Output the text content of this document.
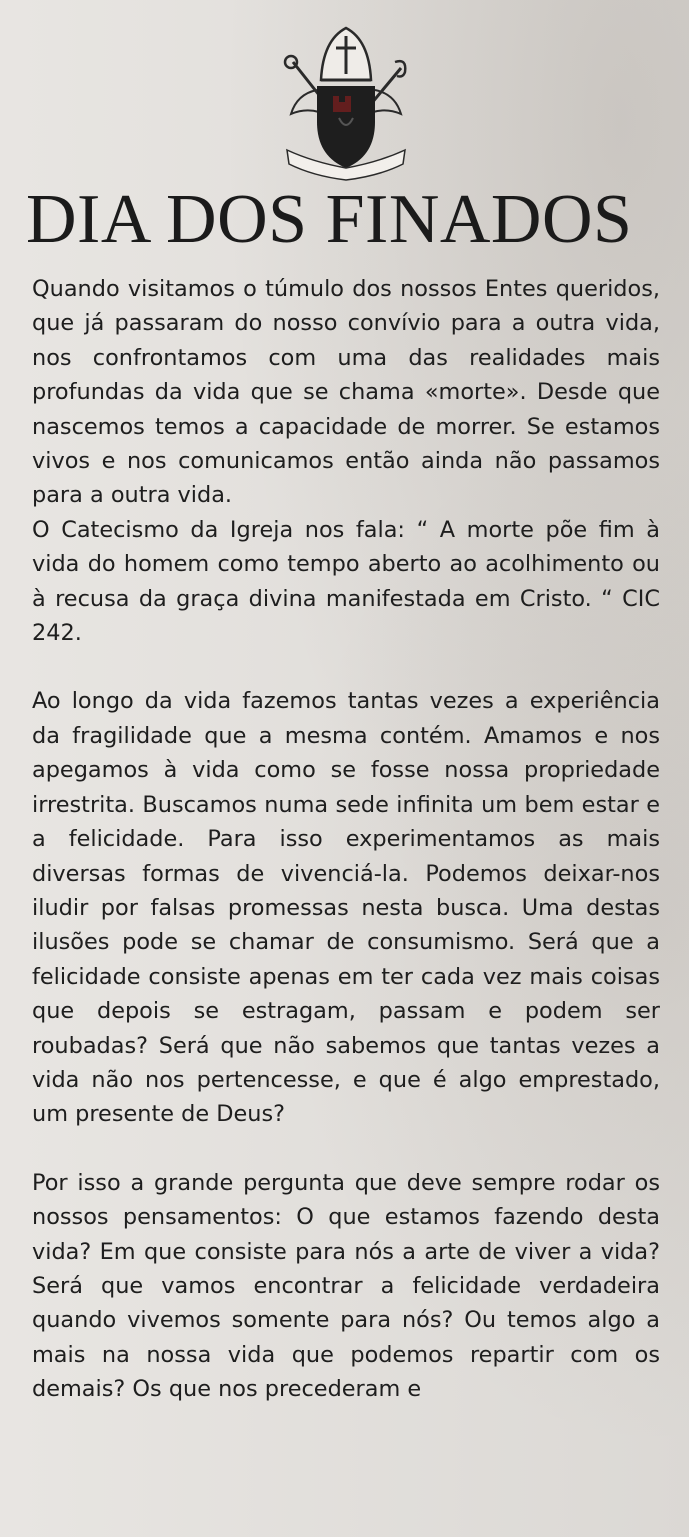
DIA DOS FINADOS

Quando visitamos o túmulo dos nossos Entes queridos, que já passaram do nosso convívio para a outra vida, nos confrontamos com uma das realidades mais profundas da vida que se chama «morte». Desde que nascemos temos a capacidade de morrer. Se estamos vivos e nos comunicamos então ainda não passamos para a outra vida.

O Catecismo da Igreja nos fala: “ A morte põe fim à vida do homem como tempo aberto ao acolhimento ou à recusa da graça divina manifestada em Cristo. “ CIC 242.

Ao longo da vida fazemos tantas vezes a experiência da fragilidade que a mesma contém. Amamos e nos apegamos à vida como se fosse nossa propriedade irrestrita. Buscamos numa sede infinita um bem estar e a felicidade. Para isso experimentamos as mais diversas formas de vivenciá-la. Podemos deixar-nos iludir por falsas promessas nesta busca. Uma destas ilusões pode se chamar de consumismo. Será que a felicidade consiste apenas em ter cada vez mais coisas que depois se estragam, passam e podem ser roubadas? Será que não sabemos que tantas vezes a vida não nos pertencesse, e que é algo emprestado, um presente de Deus?

Por isso a grande pergunta que deve sempre rodar os nossos pensamentos: O que estamos fazendo desta vida? Em que consiste para nós a arte de viver a vida? Será que vamos encontrar a felicidade verdadeira quando vivemos somente para nós? Ou temos algo a mais na nossa vida que podemos repartir com os demais? Os que nos precederam e
